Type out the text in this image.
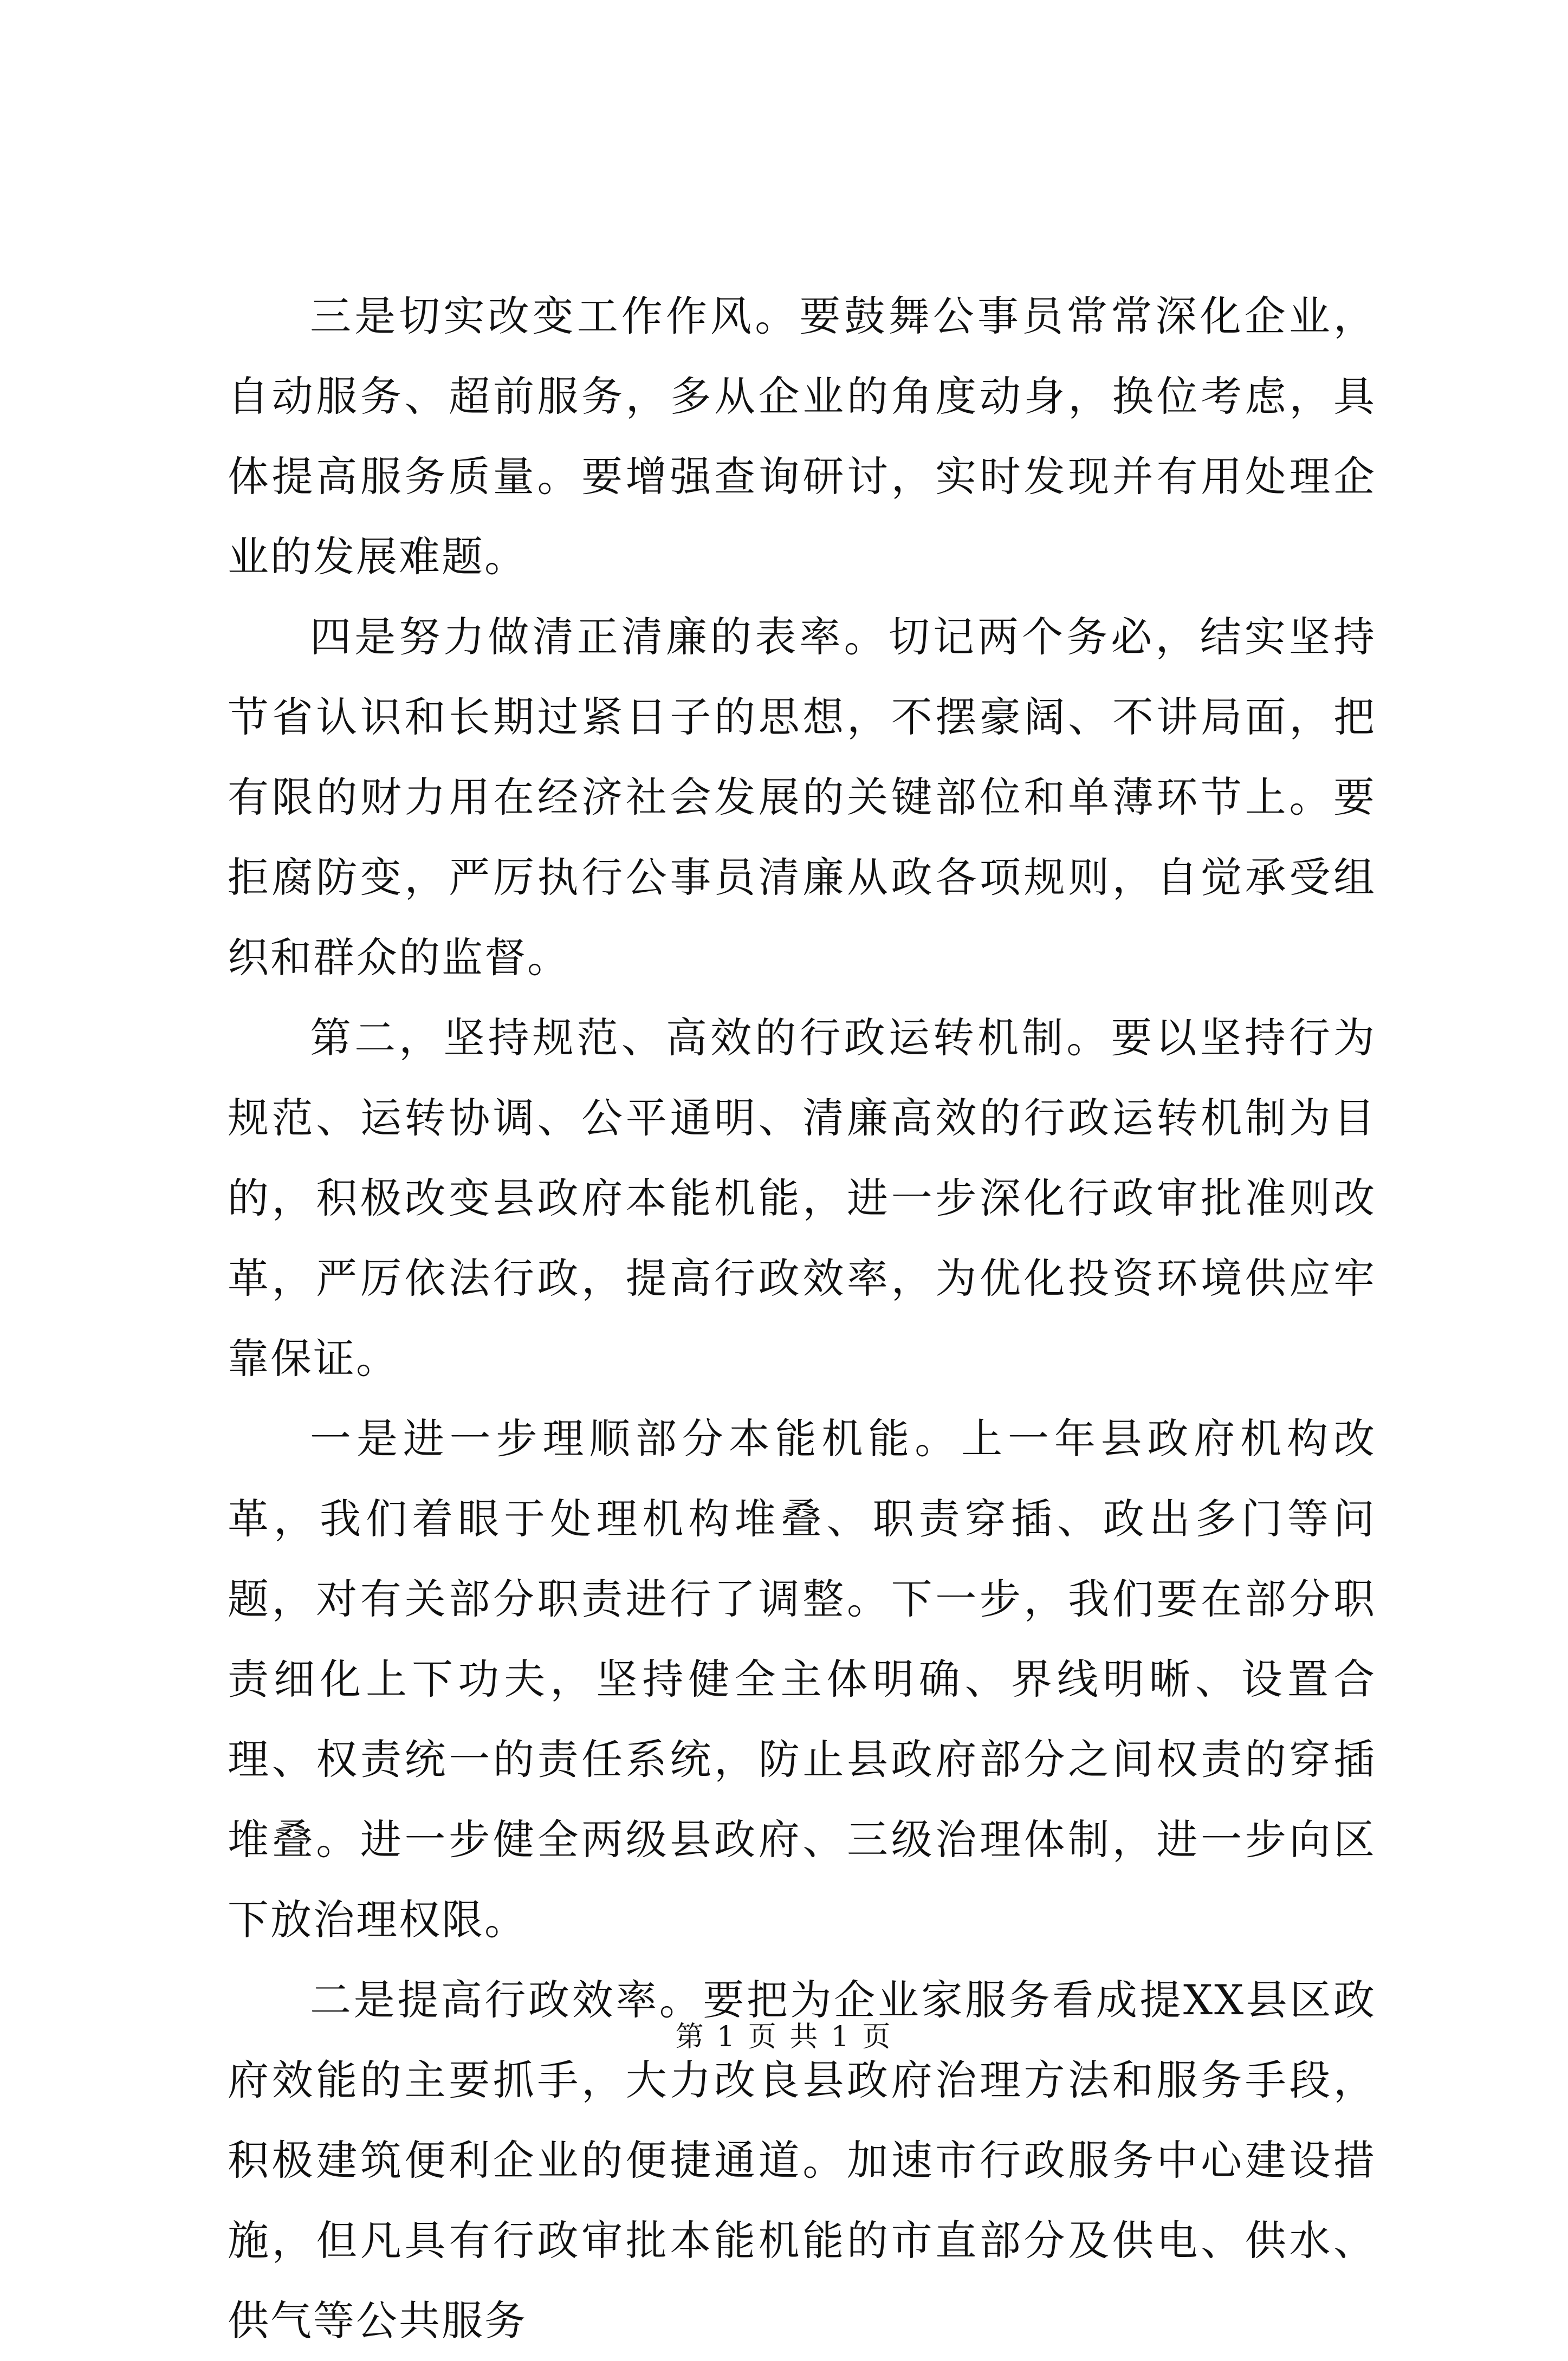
三是切实改变工作作风。要鼓舞公事员常常深化企业，自动服务、超前服务，多从企业的角度动身，换位考虑，具体提高服务质量。要增强查询研讨，实时发现并有用处理企业的发展难题。

四是努力做清正清廉的表率。切记两个务必，结实坚持节省认识和长期过紧日子的思想，不摆豪阔、不讲局面，把有限的财力用在经济社会发展的关键部位和单薄环节上。要拒腐防变，严厉执行公事员清廉从政各项规则，自觉承受组织和群众的监督。

第二，坚持规范、高效的行政运转机制。要以坚持行为规范、运转协调、公平通明、清廉高效的行政运转机制为目的，积极改变县政府本能机能，进一步深化行政审批准则改革，严厉依法行政，提高行政效率，为优化投资环境供应牢靠保证。

一是进一步理顺部分本能机能。上一年县政府机构改革，我们着眼于处理机构堆叠、职责穿插、政出多门等问题，对有关部分职责进行了调整。下一步，我们要在部分职责细化上下功夫，坚持健全主体明确、界线明晰、设置合理、权责统一的责任系统，防止县政府部分之间权责的穿插堆叠。进一步健全两级县政府、三级治理体制，进一步向区下放治理权限。

二是提高行政效率。要把为企业家服务看成提XX县区政府效能的主要抓手，大力改良县政府治理方法和服务手段，积极建筑便利企业的便捷通道。加速市行政服务中心建设措施，但凡具有行政审批本能机能的市直部分及供电、供水、供气等公共服务

第 1 页 共 1 页
